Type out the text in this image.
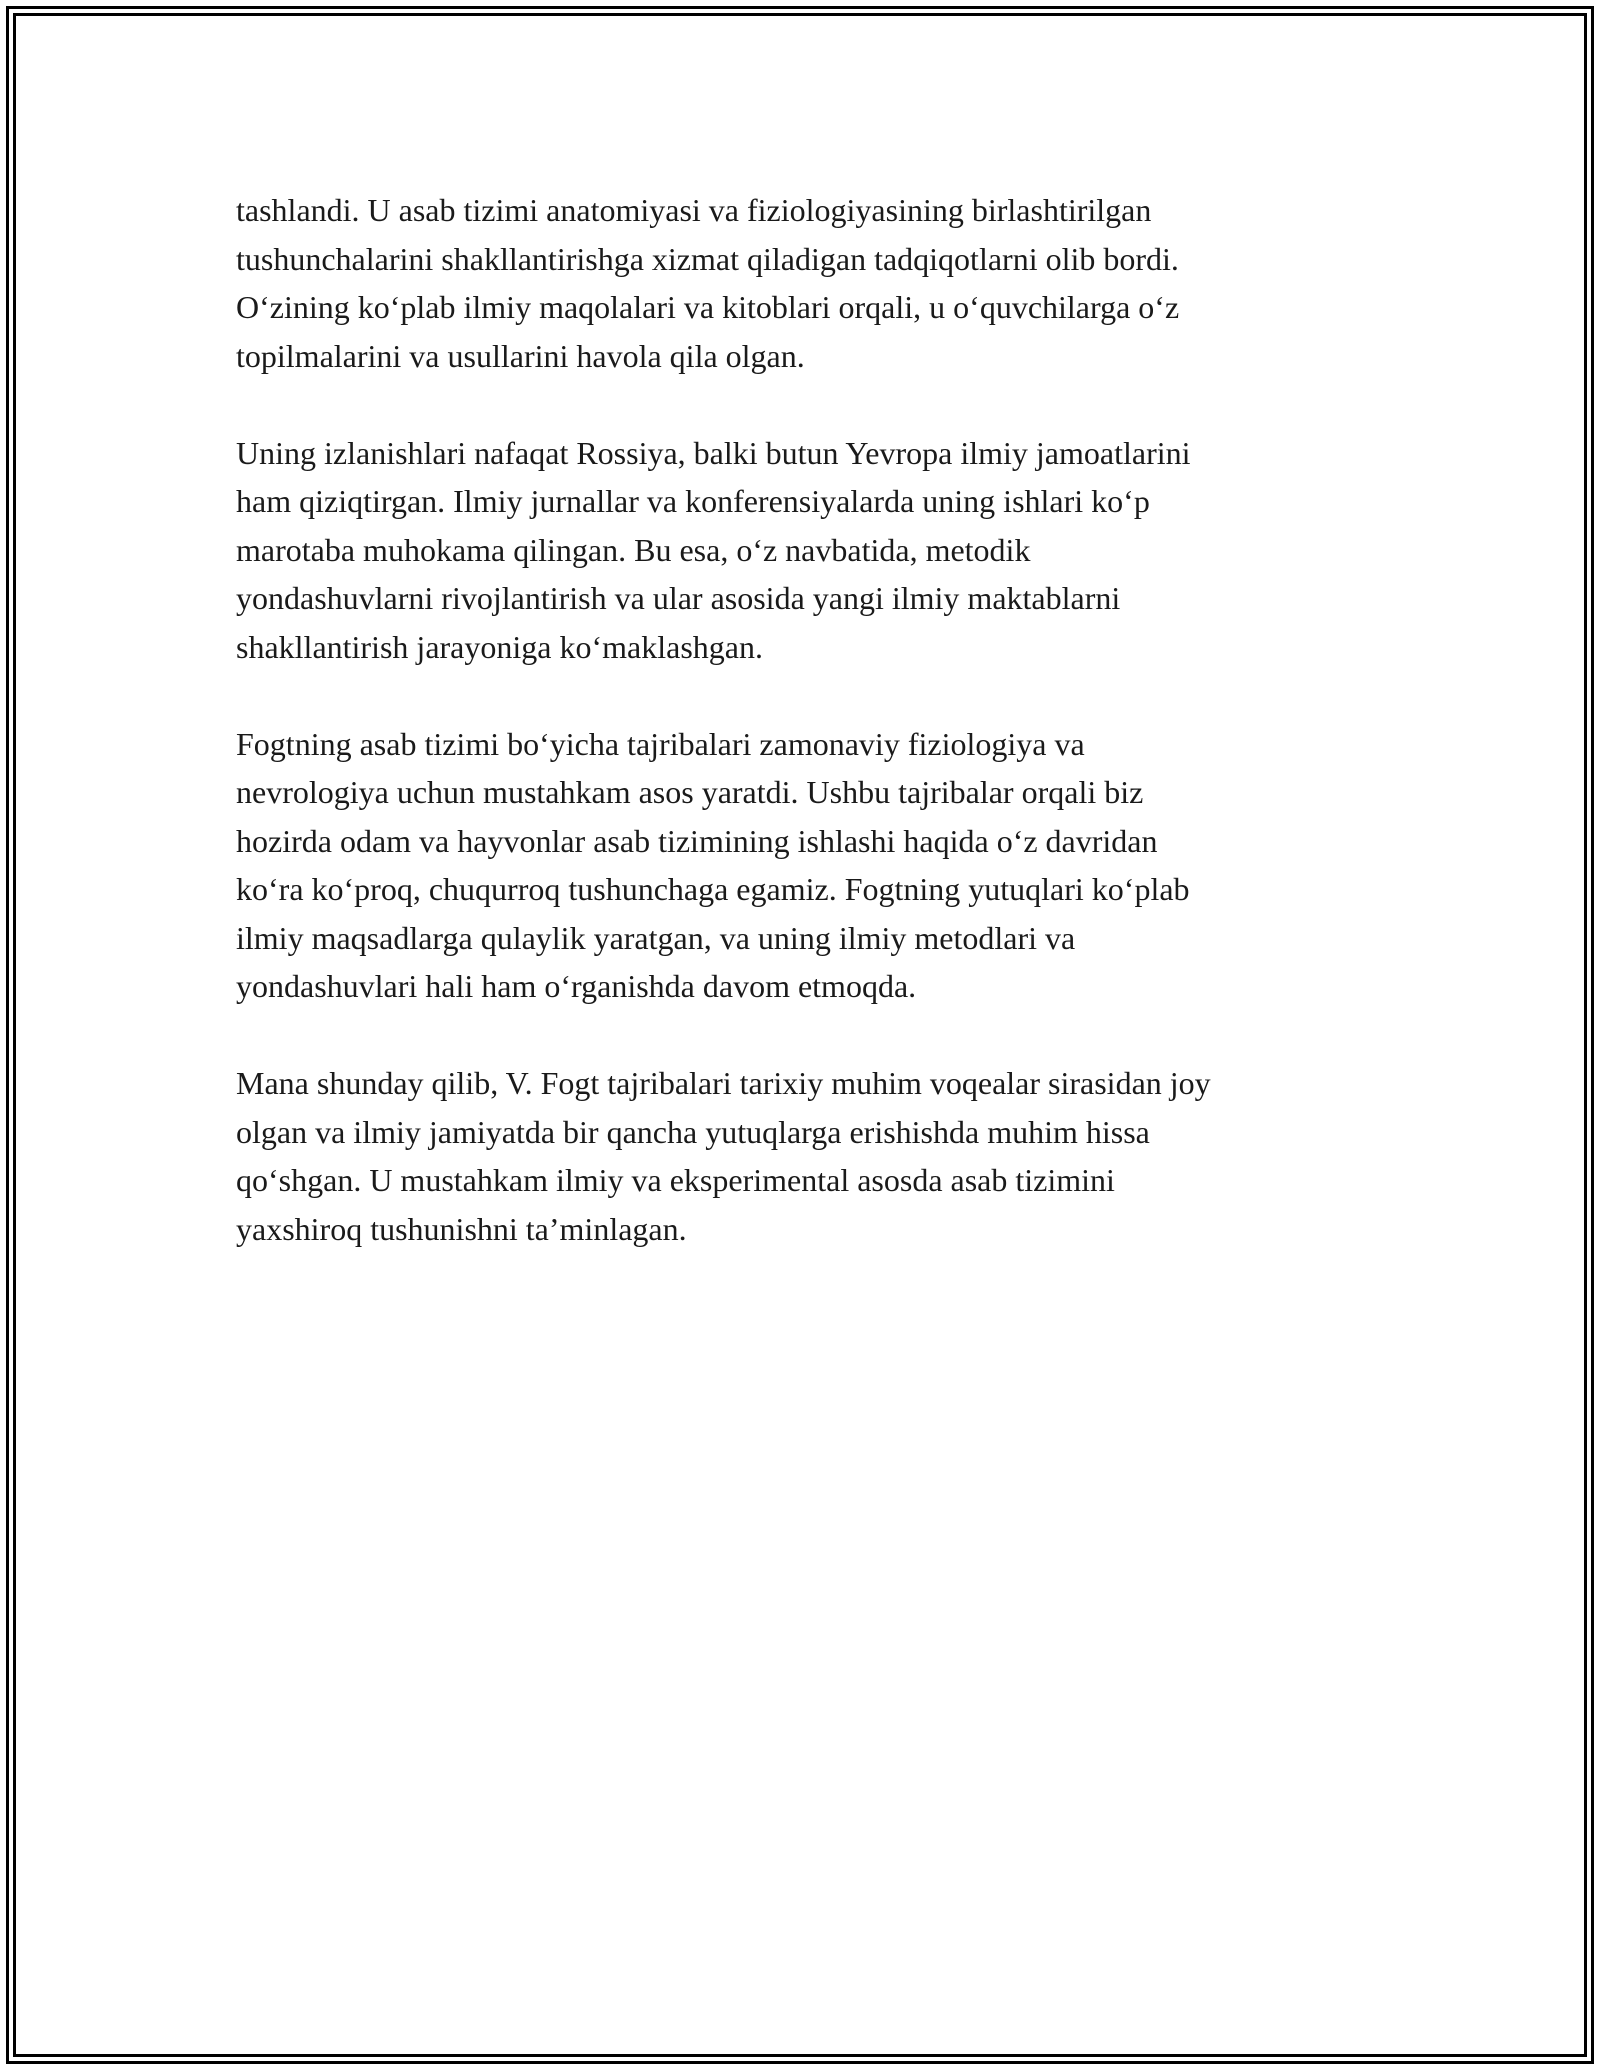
tashlandi. U asab tizimi anatomiyasi va fiziologiyasining birlashtirilgan
tushunchalarini shakllantirishga xizmat qiladigan tadqiqotlarni olib bordi.
O‘zining ko‘plab ilmiy maqolalari va kitoblari orqali, u o‘quvchilarga o‘z
topilmalarini va usullarini havola qila olgan.

Uning izlanishlari nafaqat Rossiya, balki butun Yevropa ilmiy jamoatlarini
ham qiziqtirgan. Ilmiy jurnallar va konferensiyalarda uning ishlari ko‘p
marotaba muhokama qilingan. Bu esa, o‘z navbatida, metodik
yondashuvlarni rivojlantirish va ular asosida yangi ilmiy maktablarni
shakllantirish jarayoniga ko‘maklashgan.

Fogtning asab tizimi bo‘yicha tajribalari zamonaviy fiziologiya va
nevrologiya uchun mustahkam asos yaratdi. Ushbu tajribalar orqali biz
hozirda odam va hayvonlar asab tizimining ishlashi haqida o‘z davridan
ko‘ra ko‘proq, chuqurroq tushunchaga egamiz. Fogtning yutuqlari ko‘plab
ilmiy maqsadlarga qulaylik yaratgan, va uning ilmiy metodlari va
yondashuvlari hali ham o‘rganishda davom etmoqda.

Mana shunday qilib, V. Fogt tajribalari tarixiy muhim voqealar sirasidan joy
olgan va ilmiy jamiyatda bir qancha yutuqlarga erishishda muhim hissa
qo‘shgan. U mustahkam ilmiy va eksperimental asosda asab tizimini
yaxshiroq tushunishni ta’minlagan.
